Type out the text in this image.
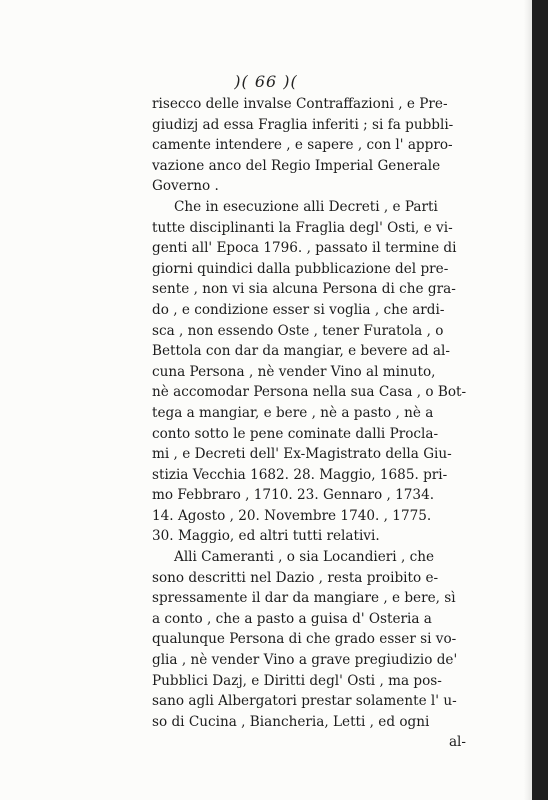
)( 66 )(
risecco delle invalse Contraffazioni , e Pre-
giudizj ad essa Fraglia inferiti ; si fa pubbli-
camente intendere , e sapere , con l' appro-
vazione anco del Regio Imperial Generale
Governo .
Che in esecuzione alli Decreti , e Parti
tutte disciplinanti la Fraglia degl' Osti, e vi-
genti all' Epoca 1796. , passato il termine di
giorni quindici dalla pubblicazione del pre-
sente , non vi sia alcuna Persona di che gra-
do , e condizione esser si voglia , che ardi-
sca , non essendo Oste , tener Furatola , o
Bettola con dar da mangiar, e bevere ad al-
cuna Persona , nè vender Vino al minuto,
nè accomodar Persona nella sua Casa , o Bot-
tega a mangiar, e bere , nè a pasto , nè a
conto sotto le pene cominate dalli Procla-
mi , e Decreti dell' Ex-Magistrato della Giu-
stizia Vecchia 1682. 28. Maggio, 1685. pri-
mo Febbraro , 1710. 23. Gennaro , 1734.
14. Agosto , 20. Novembre 1740. , 1775.
30. Maggio, ed altri tutti relativi.
Alli Cameranti , o sia Locandieri , che
sono descritti nel Dazio , resta proibito e-
spressamente il dar da mangiare , e bere, sì
a conto , che a pasto a guisa d' Osteria a
qualunque Persona di che grado esser si vo-
glia , nè vender Vino a grave pregiudizio de'
Pubblici Dazj, e Diritti degl' Osti , ma pos-
sano agli Albergatori prestar solamente l' u-
so di Cucina , Biancheria, Letti , ed ogni
al-
